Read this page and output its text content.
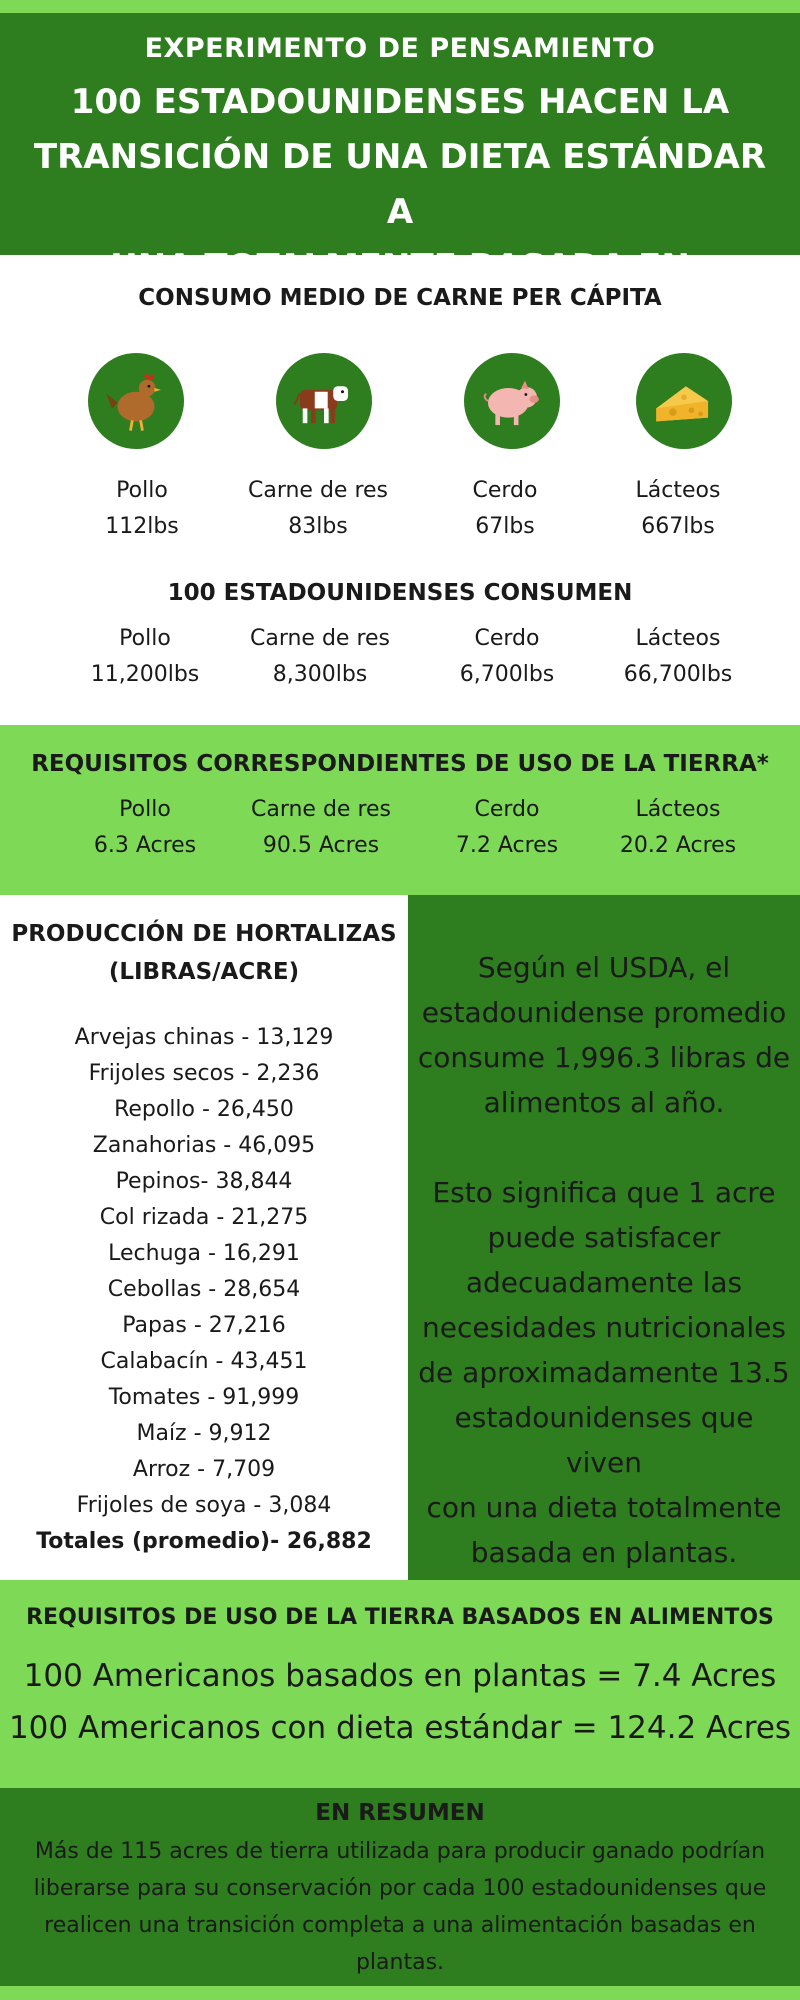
EXPERIMENTO DE PENSAMIENTO
100 ESTADOUNIDENSES HACEN LA
TRANSICIÓN DE UNA DIETA ESTÁNDAR A
CONSUMO MEDIO DE CARNE PER CÁPITA
Pollo
112lbs
Carne de res
83lbs
Cerdo
67lbs
Lácteos
667lbs
100 ESTADOUNIDENSES CONSUMEN
Pollo
11,200lbs
Carne de res
8,300lbs
Cerdo
6,700lbs
Lácteos
66,700lbs
REQUISITOS CORRESPONDIENTES DE USO DE LA TIERRA*
Pollo
6.3 Acres
Carne de res
90.5 Acres
Cerdo
7.2 Acres
Lácteos
20.2 Acres
PRODUCCIÓN DE HORTALIZAS
(LIBRAS/ACRE)
Arvejas chinas - 13,129
Frijoles secos - 2,236
Repollo - 26,450
Zanahorias - 46,095
Pepinos- 38,844
Col rizada - 21,275
Lechuga - 16,291
Cebollas - 28,654
Papas - 27,216
Calabacín - 43,451
Tomates - 91,999
Maíz - 9,912
Arroz - 7,709
Frijoles de soya - 3,084
Totales (promedio)- 26,882
Según el USDA, el
estadounidense promedio
consume 1,996.3 libras de
alimentos al año.
Esto significa que 1 acre
puede satisfacer
adecuadamente las
necesidades nutricionales
de aproximadamente 13.5
estadounidenses que viven
con una dieta totalmente
basada en plantas.
REQUISITOS DE USO DE LA TIERRA BASADOS EN ALIMENTOS
100 Americanos basados en plantas = 7.4 Acres
100 Americanos con dieta estándar = 124.2 Acres
EN RESUMEN
Más de 115 acres de tierra utilizada para producir ganado podrían
liberarse para su conservación por cada 100 estadounidenses que
realicen una transición completa a una alimentación basadas en
plantas.
